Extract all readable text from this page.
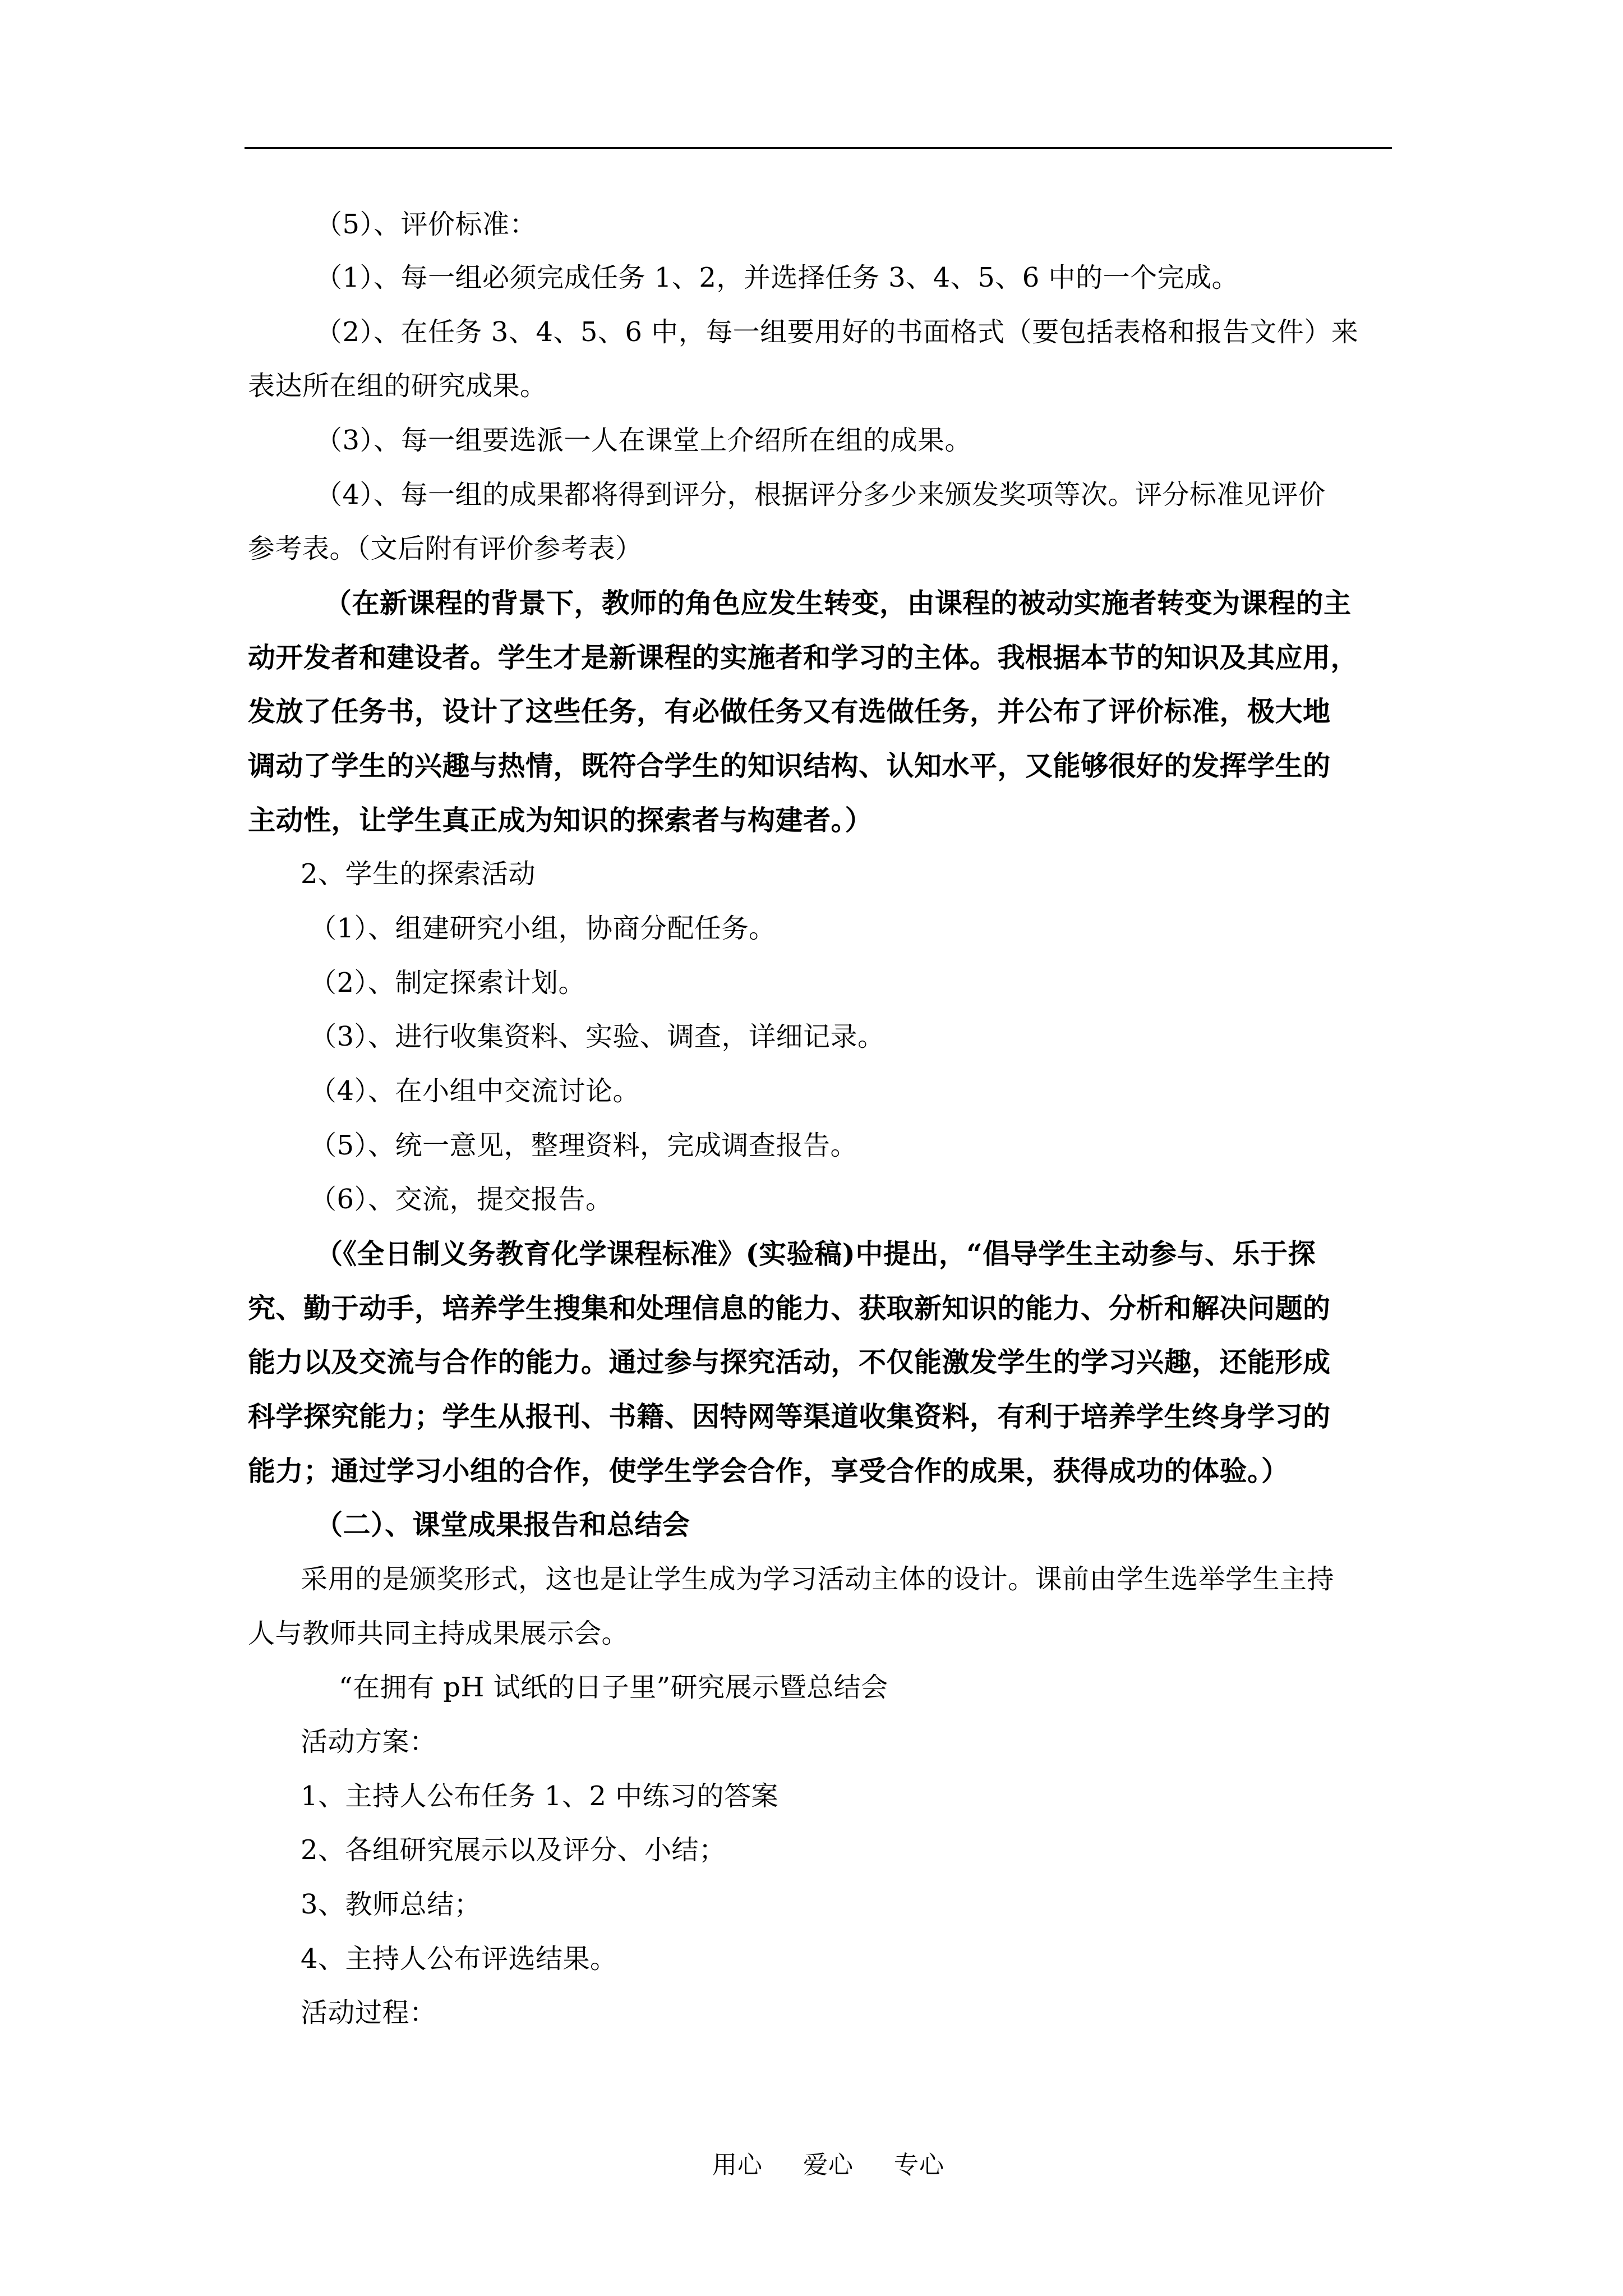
（5）、评价标准：
（1）、每一组必须完成任务 1、2，并选择任务 3、4、5、6 中的一个完成。
（2）、在任务 3、4、5、6 中，每一组要用好的书面格式（要包括表格和报告文件）来
表达所在组的研究成果。
（3）、每一组要选派一人在课堂上介绍所在组的成果。
（4）、每一组的成果都将得到评分，根据评分多少来颁发奖项等次。评分标准见评价
参考表。（文后附有评价参考表）
（在新课程的背景下，教师的角色应发生转变，由课程的被动实施者转变为课程的主
动开发者和建设者。学生才是新课程的实施者和学习的主体。我根据本节的知识及其应用，
发放了任务书，设计了这些任务，有必做任务又有选做任务，并公布了评价标准，极大地
调动了学生的兴趣与热情，既符合学生的知识结构、认知水平，又能够很好的发挥学生的
主动性，让学生真正成为知识的探索者与构建者。）
2、学生的探索活动
（1）、组建研究小组，协商分配任务。
（2）、制定探索计划。
（3）、进行收集资料、实验、调查，详细记录。
（4）、在小组中交流讨论。
（5）、统一意见，整理资料，完成调查报告。
（6）、交流，提交报告。
（《全日制义务教育化学课程标准》(实验稿)中提出，“倡导学生主动参与、乐于探
究、勤于动手，培养学生搜集和处理信息的能力、获取新知识的能力、分析和解决问题的
能力以及交流与合作的能力。通过参与探究活动，不仅能激发学生的学习兴趣，还能形成
科学探究能力；学生从报刊、书籍、因特网等渠道收集资料，有利于培养学生终身学习的
能力；通过学习小组的合作，使学生学会合作，享受合作的成果，获得成功的体验。）
（二）、课堂成果报告和总结会
采用的是颁奖形式，这也是让学生成为学习活动主体的设计。课前由学生选举学生主持
人与教师共同主持成果展示会。
“在拥有 pH 试纸的日子里”研究展示暨总结会
活动方案：
1、主持人公布任务 1、2 中练习的答案
2、各组研究展示以及评分、小结；
3、教师总结；
4、主持人公布评选结果。
活动过程：
用心 爱心 专心
